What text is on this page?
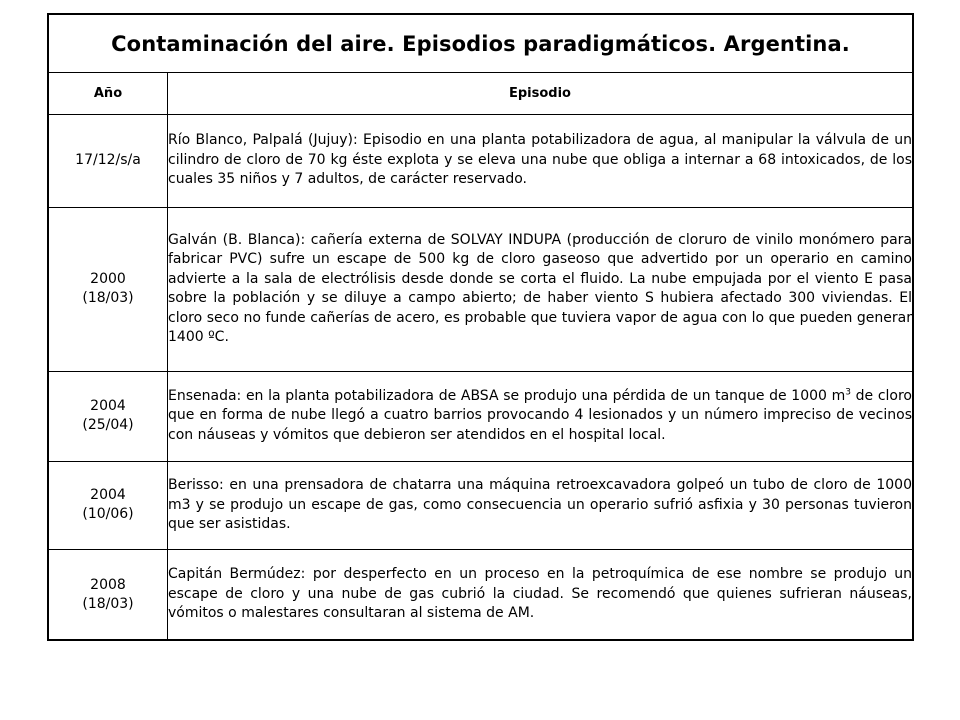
Contaminación del aire. Episodios paradigmáticos. Argentina.	
Año	Episodio
17/12/s/a	Río Blanco, Palpalá (Jujuy): Episodio en una planta potabilizadora de agua, al manipular la válvula de un cilindro de cloro de 70 kg éste explota y se eleva una nube que obliga a internar a 68 intoxicados, de los cuales 35 niños y 7 adultos, de carácter reservado.

2000
(18/03)	Galván (B. Blanca): cañería externa de SOLVAY INDUPA (producción de cloruro de vinilo monómero para fabricar PVC) sufre un escape de 500 kg de cloro gaseoso que advertido por un operario en camino advierte a la sala de electrólisis desde donde se corta el fluido. La nube empujada por el viento E pasa sobre la población y se diluye a campo abierto; de haber viento S hubiera afectado 300 viviendas. El cloro seco no funde cañerías de acero, es probable que tuviera vapor de agua con lo que pueden generar 1400 ºC.

2004
(25/04)	Ensenada: en la planta potabilizadora de ABSA se produjo una pérdida de un tanque de 1000 $m^3$ de cloro que en forma de nube llegó a cuatro barrios provocando 4 lesionados y un número impreciso de vecinos con náuseas y vómitos que debieron ser atendidos en el hospital local.

2004
(10/06)	Berisso: en una prensadora de chatarra una máquina retroexcavadora golpeó un tubo de cloro de 1000 m3 y se produjo un escape de gas, como consecuencia un operario sufrió asfixia y 30 personas tuvieron que ser asistidas.

2008
(18/03)	Capitán Bermúdez: por desperfecto en un proceso en la petroquímica de ese nombre se produjo un escape de cloro y una nube de gas cubrió la ciudad. Se recomendó que quienes sufrieran náuseas, vómitos o malestares consultaran al sistema de AM.
